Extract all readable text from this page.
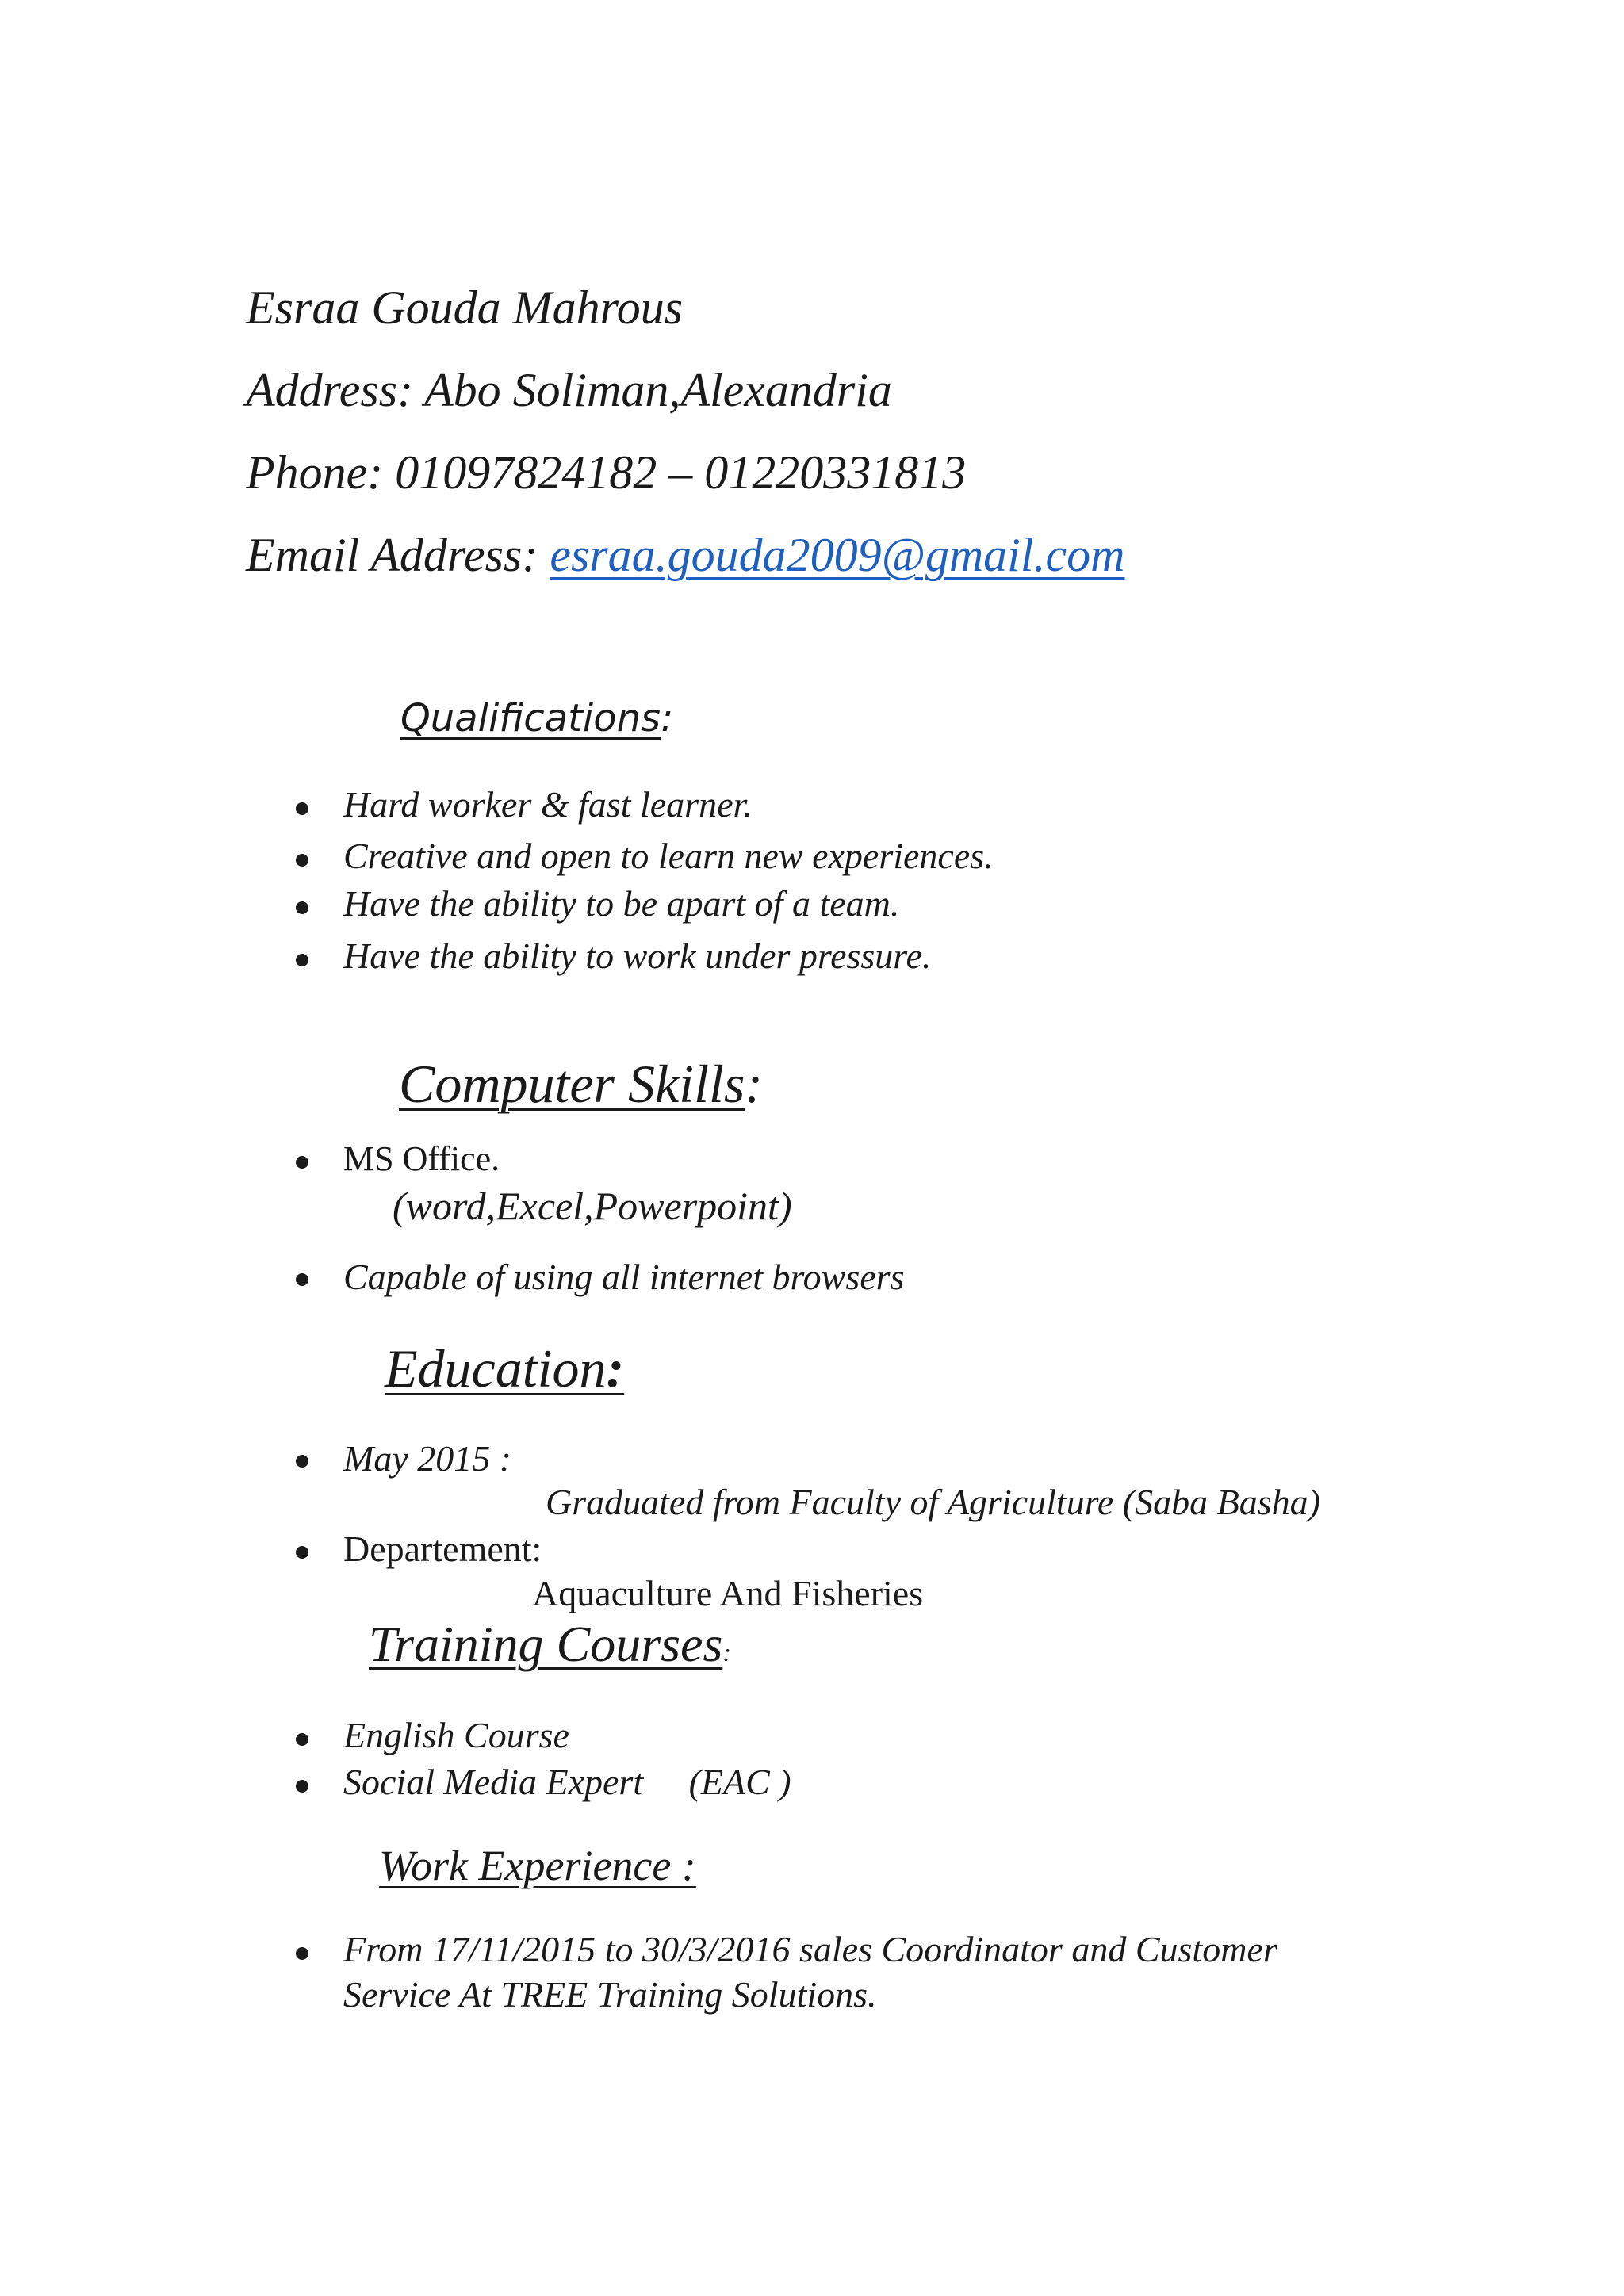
Esraa Gouda Mahrous
Address: Abo Soliman,Alexandria
Phone: 01097824182 – 01220331813
Email Address: esraa.gouda2009@gmail.com
Qualifications:
Hard worker & fast learner.
Creative and open to learn new experiences.
Have the ability to be apart of a team.
Have the ability to work under pressure.
Computer Skills:
MS Office.
(word,Excel,Powerpoint)
Capable of using all internet browsers
Education:
May 2015 :
Graduated from Faculty of Agriculture (Saba Basha)
Departement:
Aquaculture And Fisheries
Training Courses:
English Course
Social Media Expert     (EAC )
Work Experience :
From 17/11/2015 to 30/3/2016 sales Coordinator and Customer
Service At TREE Training Solutions.
